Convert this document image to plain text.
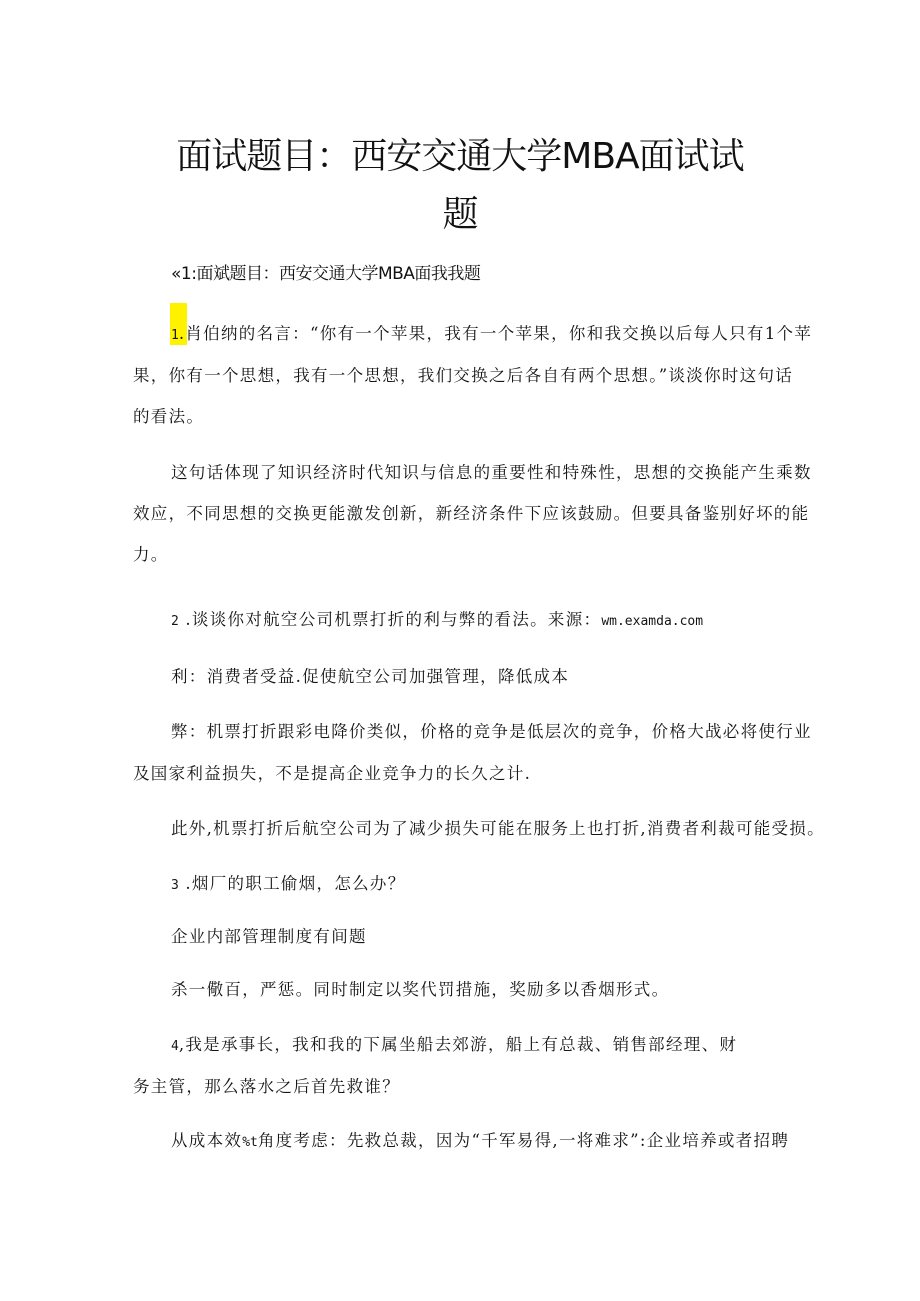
面试题目：西安交通大学MBA面试试
题
«1:面斌题目：西安交通大学MBA面我我题
1.肖伯纳的名言：“你有一个苹果，我有一个苹果，你和我交换以后每人只有1个苹
果，你有一个思想，我有一个思想，我们交换之后各自有两个思想。”谈淡你时这句话
的看法。
这句话体现了知识经济时代知识与信息的重要性和特殊性，思想的交换能产生乘数
效应，不同思想的交换更能激发创新，新经济条件下应该鼓励。但要具备鉴别好坏的能
力。
2 .谈谈你对航空公司机票打折的利与弊的看法。来源：wm.examda.com
利：消费者受益.促使航空公司加强管理，降低成本
弊：机票打折跟彩电降价类似，价格的竞争是低层次的竞争，价格大战必将使行业
及国家利益损失，不是提高企业竞争力的长久之计.
此外,机票打折后航空公司为了减少损失可能在服务上也打折,消费者利裁可能受损。
3 .烟厂的职工偷烟，怎么办？
企业内部管理制度有间题
杀一儆百，严惩。同时制定以奖代罚措施，奖励多以香烟形式。
4,我是承事长，我和我的下属坐船去郊游，船上有总裁、销售部经理、财
务主管，那么落水之后首先救谁？
从成本效%t角度考虑：先救总裁，因为“千军易得,一将难求”:企业培养或者招聘
